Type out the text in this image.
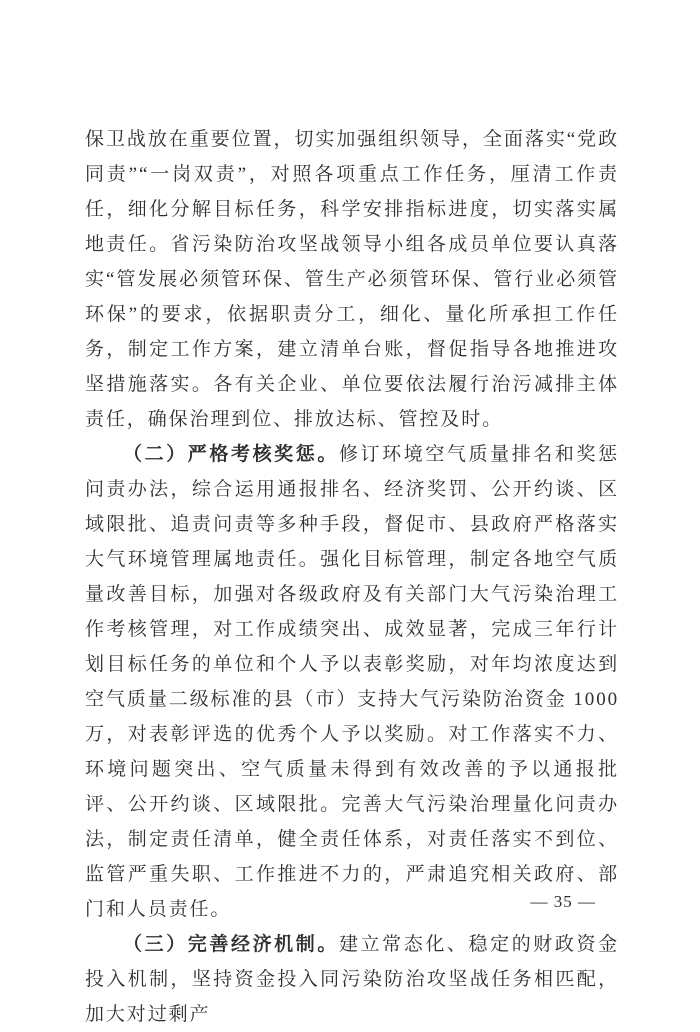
保卫战放在重要位置，切实加强组织领导，全面落实“党政同责”“一岗双责”，对照各项重点工作任务，厘清工作责任，细化分解目标任务，科学安排指标进度，切实落实属地责任。省污染防治攻坚战领导小组各成员单位要认真落实“管发展必须管环保、管生产必须管环保、管行业必须管环保”的要求，依据职责分工，细化、量化所承担工作任务，制定工作方案，建立清单台账，督促指导各地推进攻坚措施落实。各有关企业、单位要依法履行治污减排主体责任，确保治理到位、排放达标、管控及时。

（二）严格考核奖惩。修订环境空气质量排名和奖惩问责办法，综合运用通报排名、经济奖罚、公开约谈、区域限批、追责问责等多种手段，督促市、县政府严格落实大气环境管理属地责任。强化目标管理，制定各地空气质量改善目标，加强对各级政府及有关部门大气污染治理工作考核管理，对工作成绩突出、成效显著，完成三年行计划目标任务的单位和个人予以表彰奖励，对年均浓度达到空气质量二级标准的县（市）支持大气污染防治资金 1000 万，对表彰评选的优秀个人予以奖励。对工作落实不力、环境问题突出、空气质量未得到有效改善的予以通报批评、公开约谈、区域限批。完善大气污染治理量化问责办法，制定责任清单，健全责任体系，对责任落实不到位、监管严重失职、工作推进不力的，严肃追究相关政府、部门和人员责任。

（三）完善经济机制。建立常态化、稳定的财政资金投入机制，坚持资金投入同污染防治攻坚战任务相匹配，加大对过剩产

— 35 —
